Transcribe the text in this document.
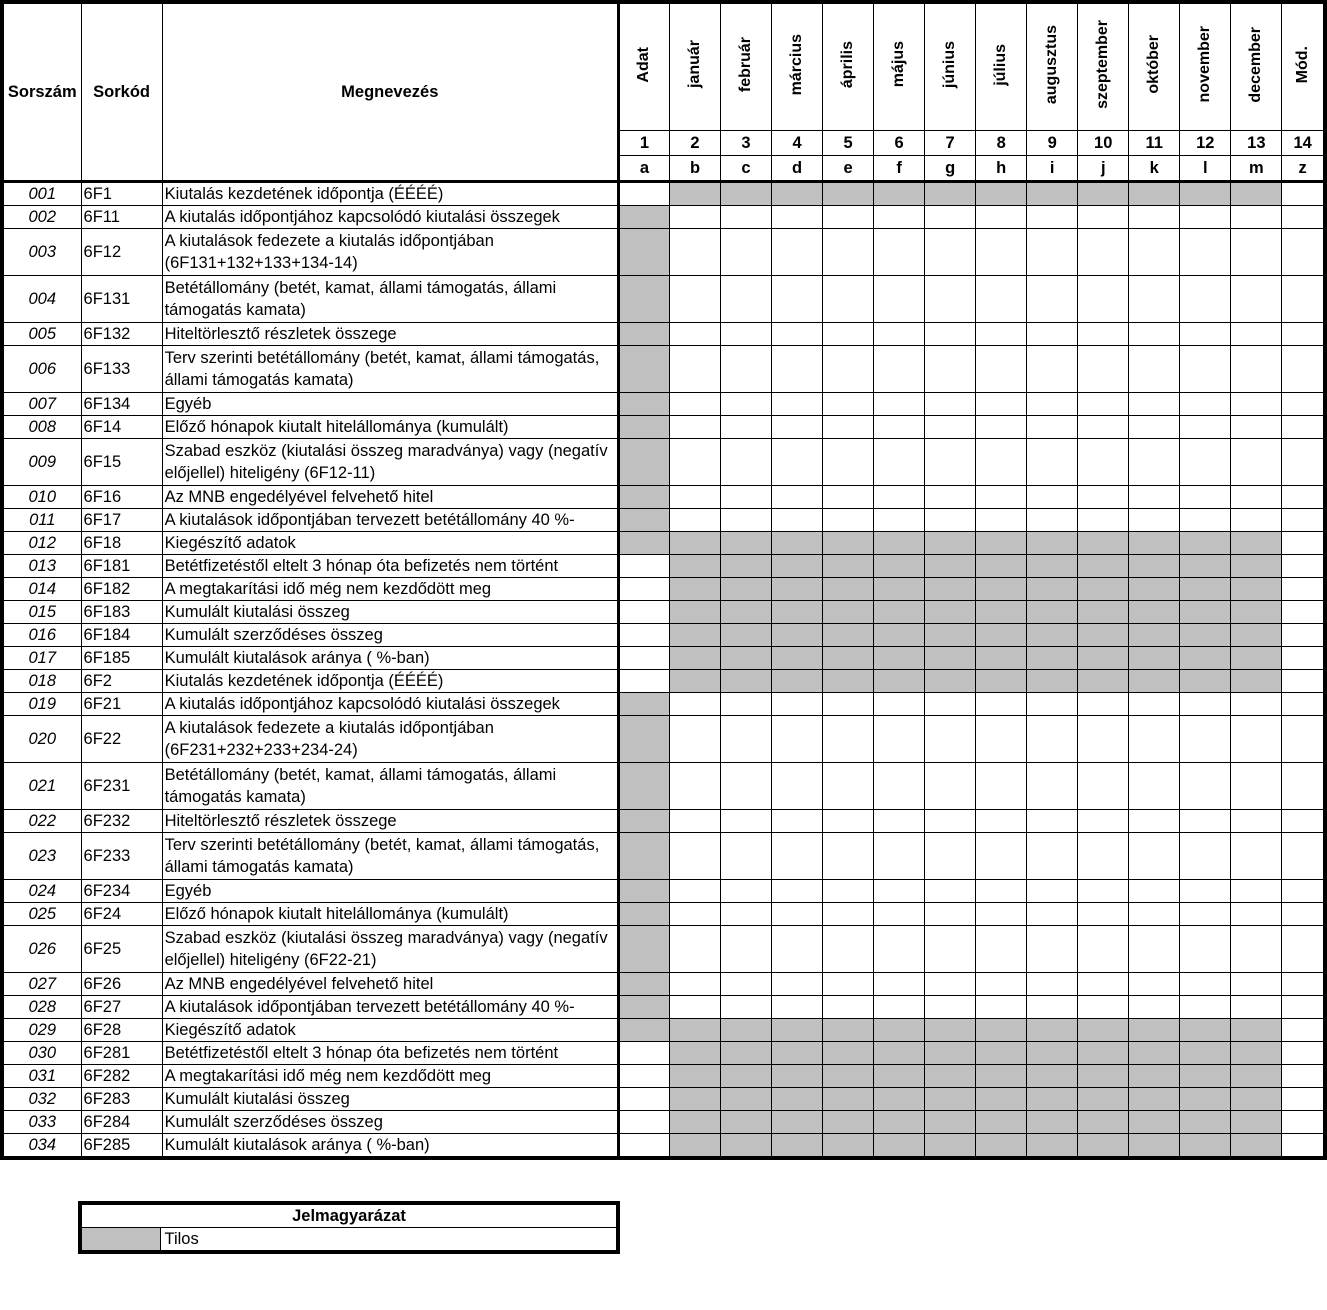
Sorszám	Sorkód	Megnevezés	Adat	január	február	március	április	május	június	július	augusztus	szeptember	október	november	december	Mód.
			1	2	3	4	5	6	7	8	9	10	11	12	13	14
			a	b	c	d	e	f	g	h	i	j	k	l	m	z
001	6F1	Kiutalás kezdetének időpontja (ÉÉÉÉ)														
002	6F11	A kiutalás időpontjához kapcsolódó kiutalási összegek														
003	6F12	A kiutalások fedezete a kiutalás időpontjában (6F131+132+133+134-14)														
004	6F131	Betétállomány (betét, kamat, állami támogatás, állami támogatás kamata)														
005	6F132	Hiteltörlesztő részletek összege														
006	6F133	Terv szerinti betétállomány (betét, kamat, állami támogatás, állami támogatás kamata)														
007	6F134	Egyéb														
008	6F14	Előző hónapok kiutalt hitelállománya (kumulált)														
009	6F15	Szabad eszköz (kiutalási összeg maradványa) vagy (negatív előjellel) hiteligény (6F12-11)														
010	6F16	Az MNB engedélyével felvehető hitel														
011	6F17	A kiutalások időpontjában tervezett betétállomány 40 %-														
012	6F18	Kiegészítő adatok														
013	6F181	Betétfizetéstől eltelt 3 hónap óta befizetés nem történt														
014	6F182	A megtakarítási idő még nem kezdődött meg														
015	6F183	Kumulált kiutalási összeg														
016	6F184	Kumulált szerződéses összeg														
017	6F185	Kumulált kiutalások aránya ( %-ban)														
018	6F2	Kiutalás kezdetének időpontja (ÉÉÉÉ)														
019	6F21	A kiutalás időpontjához kapcsolódó kiutalási összegek														
020	6F22	A kiutalások fedezete a kiutalás időpontjában (6F231+232+233+234-24)														
021	6F231	Betétállomány (betét, kamat, állami támogatás, állami támogatás kamata)														
022	6F232	Hiteltörlesztő részletek összege														
023	6F233	Terv szerinti betétállomány (betét, kamat, állami támogatás, állami támogatás kamata)														
024	6F234	Egyéb														
025	6F24	Előző hónapok kiutalt hitelállománya (kumulált)														
026	6F25	Szabad eszköz (kiutalási összeg maradványa) vagy (negatív előjellel) hiteligény (6F22-21)														
027	6F26	Az MNB engedélyével felvehető hitel														
028	6F27	A kiutalások időpontjában tervezett betétállomány 40 %-														
029	6F28	Kiegészítő adatok														
030	6F281	Betétfizetéstől eltelt 3 hónap óta befizetés nem történt														
031	6F282	A megtakarítási idő még nem kezdődött meg														
032	6F283	Kumulált kiutalási összeg														
033	6F284	Kumulált szerződéses összeg														
034	6F285	Kumulált kiutalások aránya ( %-ban)														
Jelmagyarázat
	Tilos
